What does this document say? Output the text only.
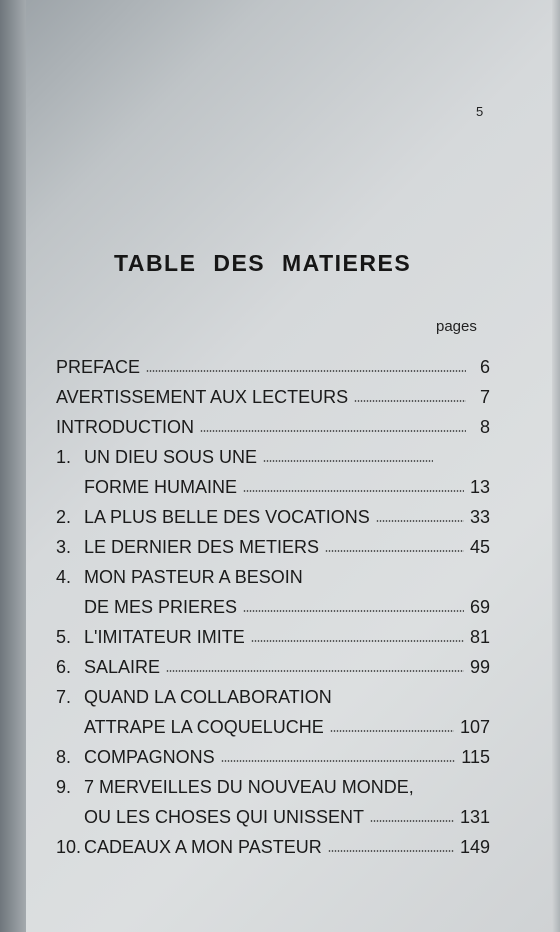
5
TABLE DES MATIERES
pages
PREFACE	6
AVERTISSEMENT AUX LECTEURS	7
INTRODUCTION	8
1. UN DIEU SOUS UNE
FORME HUMAINE	13
2. LA PLUS BELLE DES VOCATIONS	33
3. LE DERNIER DES METIERS	45
4. MON PASTEUR A BESOIN
DE MES PRIERES	69
5. L'IMITATEUR IMITE	81
6. SALAIRE	99
7. QUAND LA COLLABORATION
ATTRAPE LA COQUELUCHE	107
8. COMPAGNONS	115
9. 7 MERVEILLES DU NOUVEAU MONDE,
OU LES CHOSES QUI UNISSENT	131
10. CADEAUX A MON PASTEUR	149
